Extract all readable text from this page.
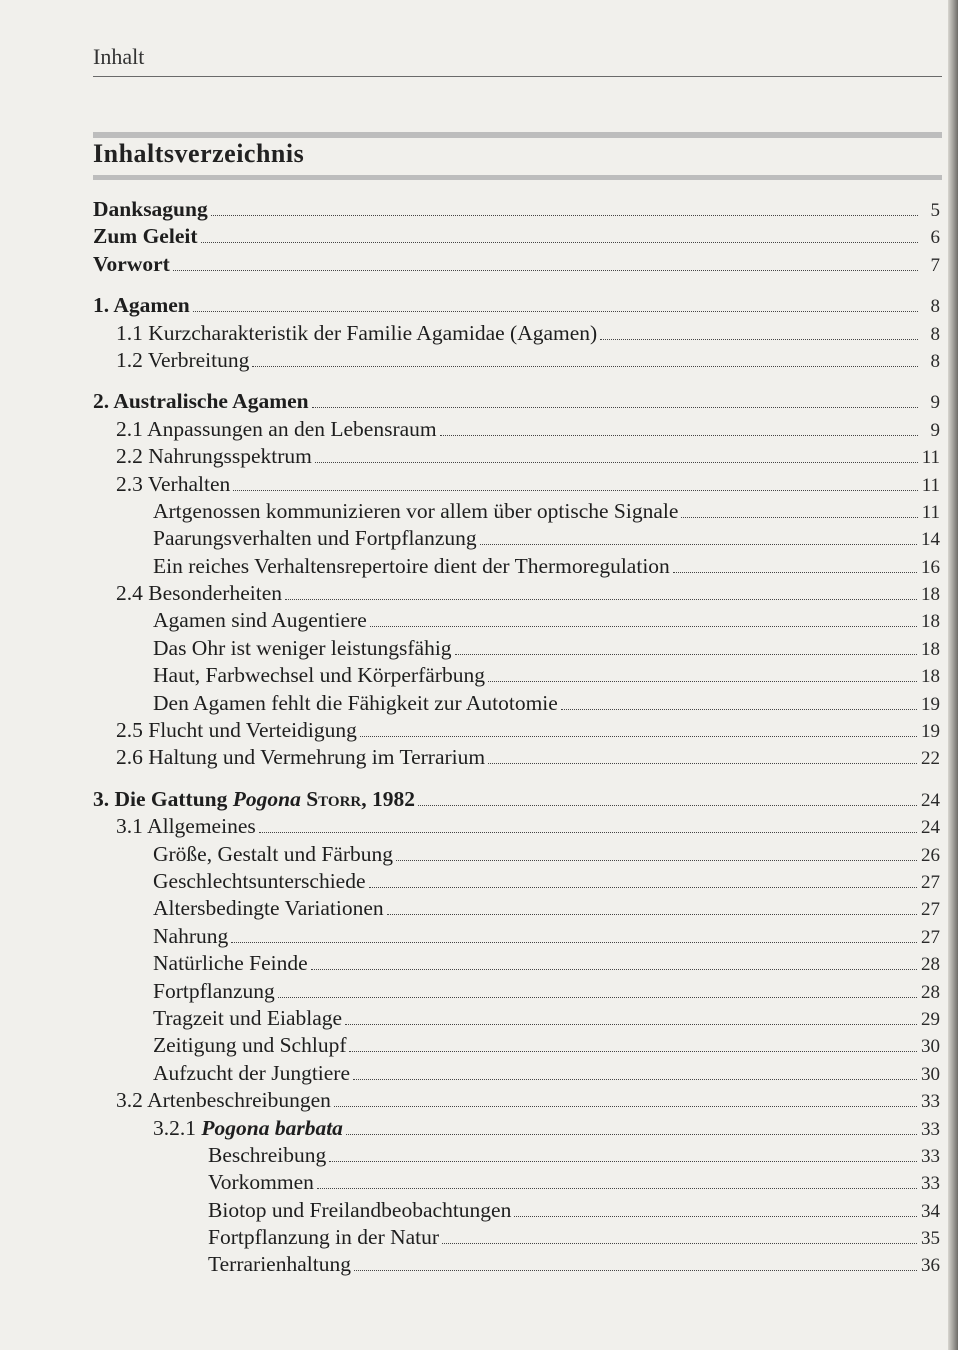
Inhalt
Inhaltsverzeichnis
Danksagung	5
Zum Geleit	6
Vorwort	7
1. Agamen	8
1.1 Kurzcharakteristik der Familie Agamidae (Agamen)	8
1.2 Verbreitung	8
2. Australische Agamen	9
2.1 Anpassungen an den Lebensraum	9
2.2 Nahrungsspektrum	11
2.3 Verhalten	11
Artgenossen kommunizieren vor allem über optische Signale	11
Paarungsverhalten und Fortpflanzung	14
Ein reiches Verhaltensrepertoire dient der Thermoregulation	16
2.4 Besonderheiten	18
Agamen sind Augentiere	18
Das Ohr ist weniger leistungsfähig	18
Haut, Farbwechsel und Körperfärbung	18
Den Agamen fehlt die Fähigkeit zur Autotomie	19
2.5 Flucht und Verteidigung	19
2.6 Haltung und Vermehrung im Terrarium	22
3. Die Gattung Pogona Storr, 1982	24
3.1 Allgemeines	24
Größe, Gestalt und Färbung	26
Geschlechtsunterschiede	27
Altersbedingte Variationen	27
Nahrung	27
Natürliche Feinde	28
Fortpflanzung	28
Tragzeit und Eiablage	29
Zeitigung und Schlupf	30
Aufzucht der Jungtiere	30
3.2 Artenbeschreibungen	33
3.2.1 Pogona barbata	33
Beschreibung	33
Vorkommen	33
Biotop und Freilandbeobachtungen	34
Fortpflanzung in der Natur	35
Terrarienhaltung	36
